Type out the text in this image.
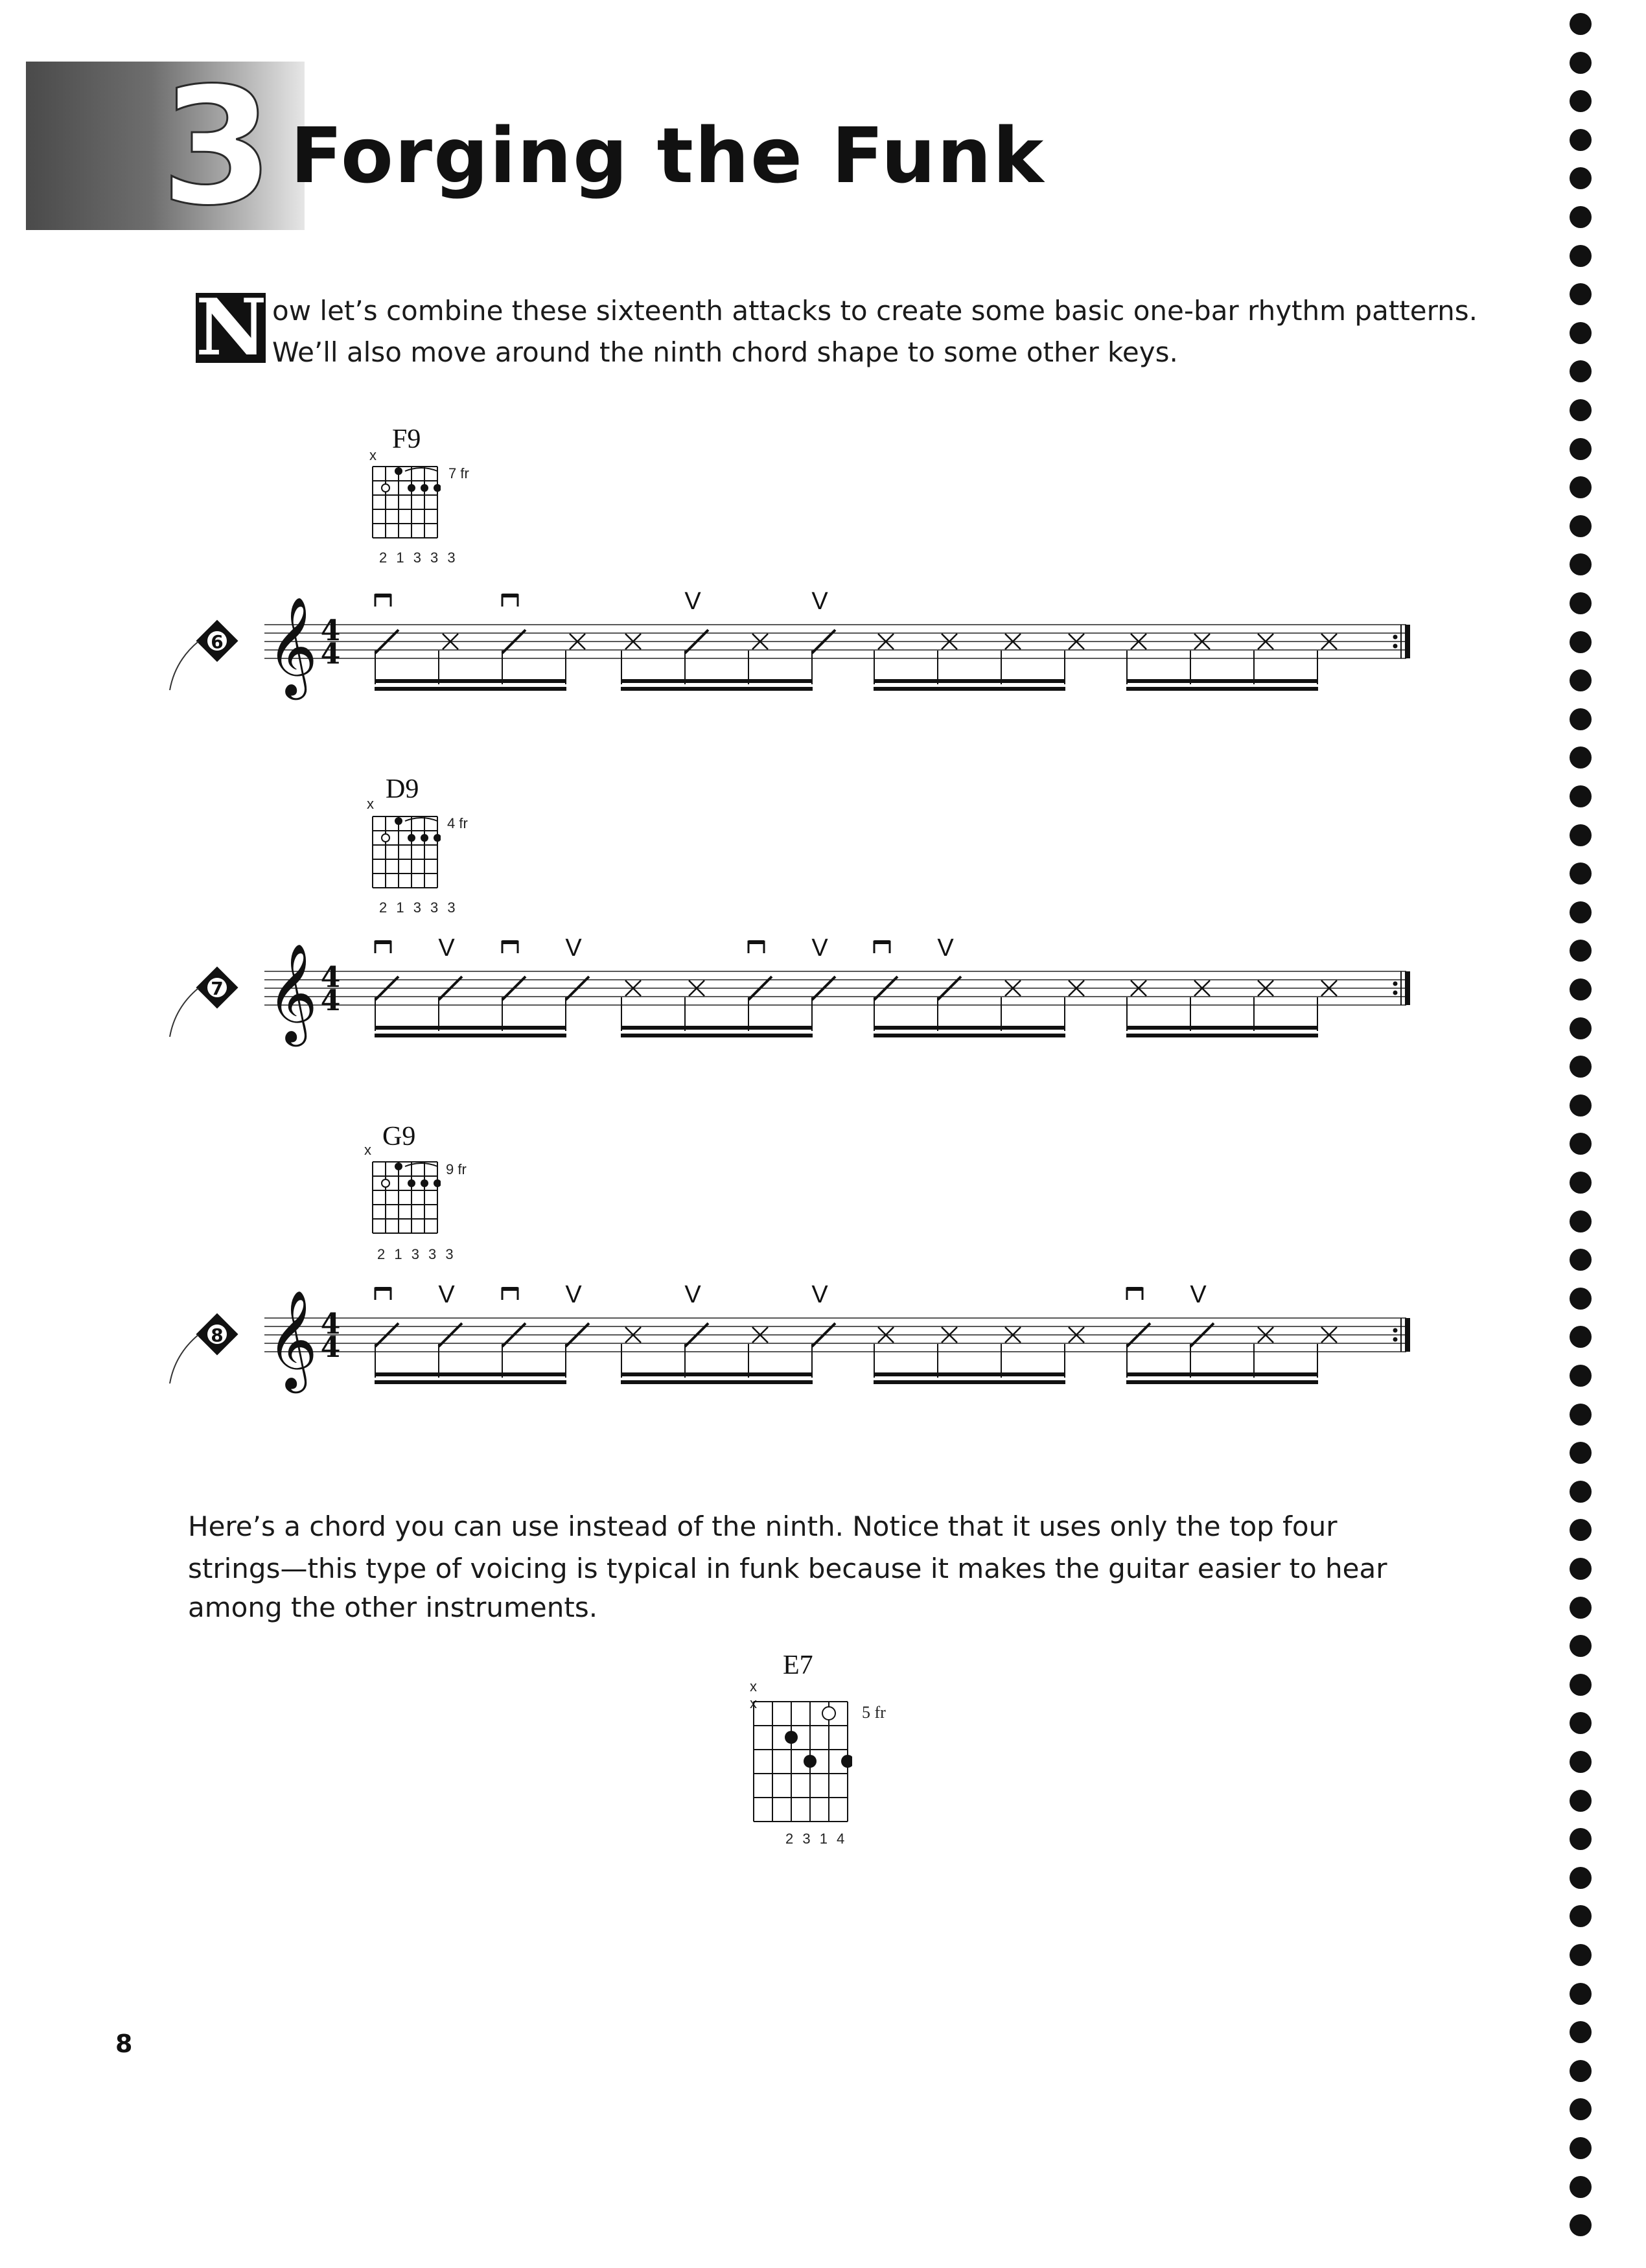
3 Forging the Funk
N ow let’s combine these sixteenth attacks to create some basic one-bar rhythm patterns.
We’ll also move around the ninth chord shape to some other keys.
F9
x
7 fr
2 1 3 3 3
6 𝄞 4
4
V	V
D9
x
4 fr
2 1 3 3 3
7 𝄞 4
4
V	V	V	V
G9
x
9 fr
2 1 3 3 3
8 𝄞 4
4
V	V	V	V	V
Here’s a chord you can use instead of the ninth. Notice that it uses only the top four
strings—this type of voicing is typical in funk because it makes the guitar easier to hear
among the other instruments.
E7
x x	5 fr
2 3 1 4
8
